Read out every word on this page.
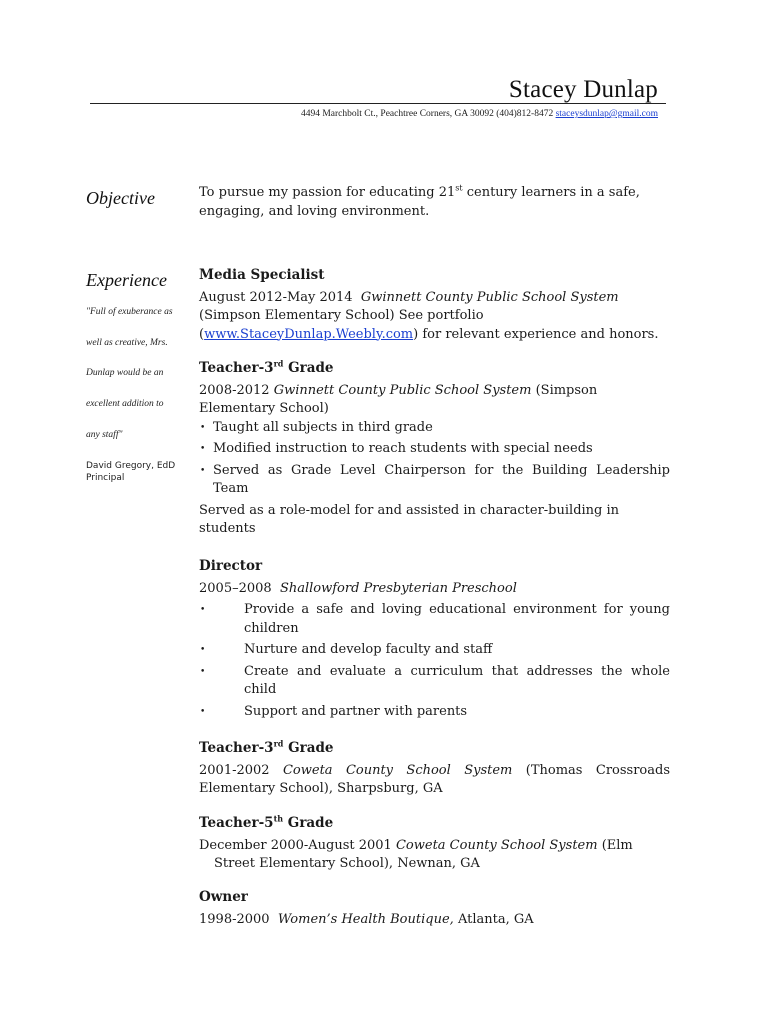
Stacey Dunlap
4494 Marchbolt Ct., Peachtree Corners, GA 30092 (404)812-8472 staceysdunlap@gmail.com
Objective	To pursue my passion for educating 21st century learners in a safe, engaging, and loving environment.
Experience
"Full of exuberance as
well as creative, Mrs.
Dunlap would be an
excellent addition to
any staff"
David Gregory, EdD
Principal
Media Specialist
August 2012-May 2014 Gwinnett County Public School System (Simpson Elementary School) See portfolio (www.StaceyDunlap.Weebly.com) for relevant experience and honors.
Teacher-3rd Grade
2008-2012 Gwinnett County Public School System (Simpson Elementary School)
• Taught all subjects in third grade
• Modified instruction to reach students with special needs
• Served as Grade Level Chairperson for the Building Leadership Team
Served as a role-model for and assisted in character-building in students
Director
2005–2008 Shallowford Presbyterian Preschool
•	Provide a safe and loving educational environment for young children
•	Nurture and develop faculty and staff
•	Create and evaluate a curriculum that addresses the whole child
•	Support and partner with parents
Teacher-3rd Grade
2001-2002 Coweta County School System (Thomas Crossroads Elementary School), Sharpsburg, GA
Teacher-5th Grade
December 2000-August 2001 Coweta County School System (Elm Street Elementary School), Newnan, GA
Owner
1998-2000 Women’s Health Boutique, Atlanta, GA
